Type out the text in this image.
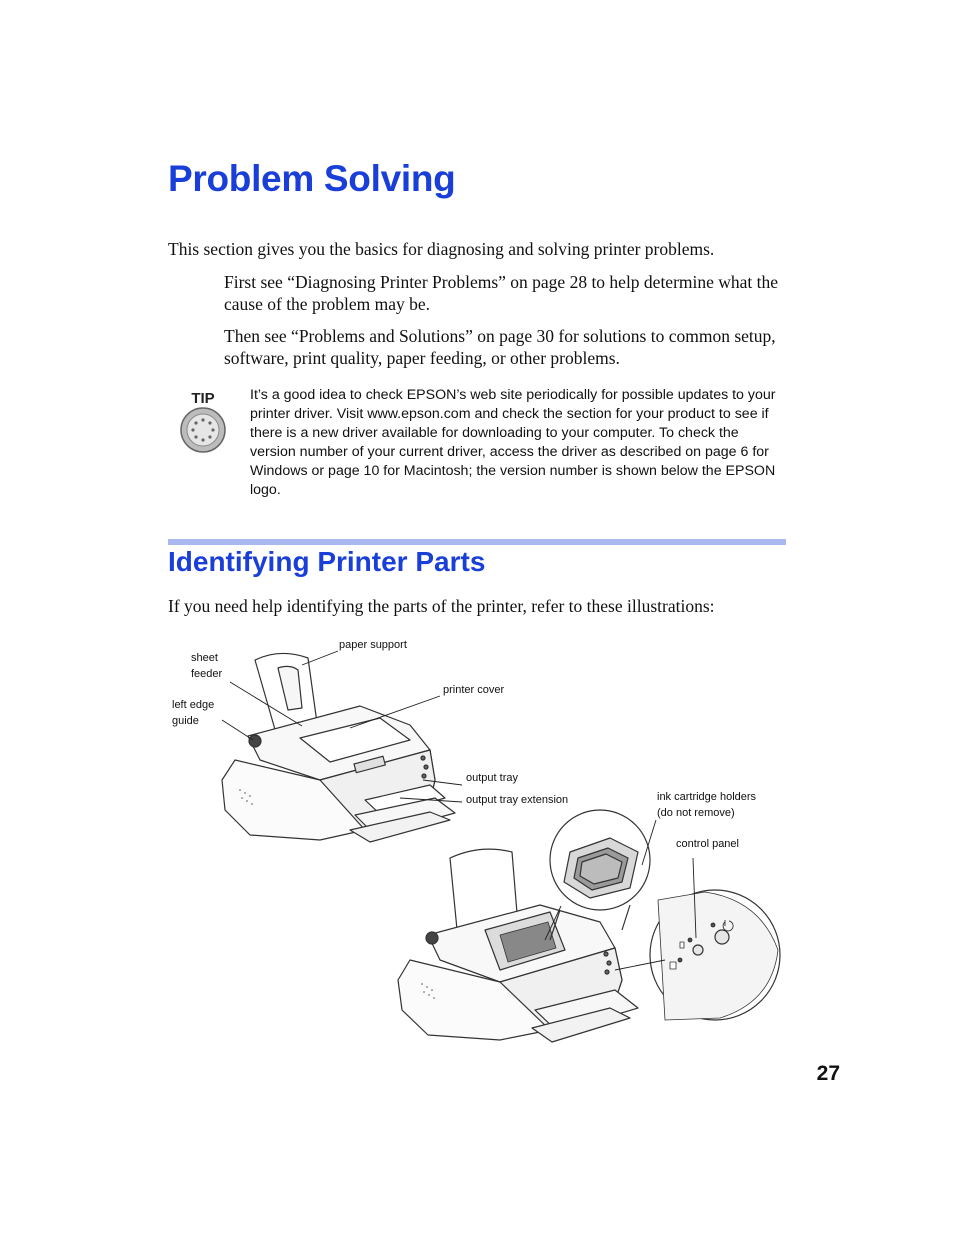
Problem Solving

This section gives you the basics for diagnosing and solving printer problems.

First see “Diagnosing Printer Problems” on page 28 to help determine what the cause of the problem may be.

Then see “Problems and Solutions” on page 30 for solutions to common setup, software, print quality, paper feeding, or other problems.

TIP It’s a good idea to check EPSON’s web site periodically for possible updates to your printer driver. Visit www.epson.com and check the section for your product to see if there is a new driver available for downloading to your computer. To check the version number of your current driver, access the driver as described on page 6 for Windows or page 10 for Macintosh; the version number is shown below the EPSON logo.

Identifying Printer Parts

If you need help identifying the parts of the printer, refer to these illustrations:

paper support
sheet
feeder
printer cover
left edge
guide
output tray
output tray extension	ink cartridge holders
(do not remove)
control panel
27
